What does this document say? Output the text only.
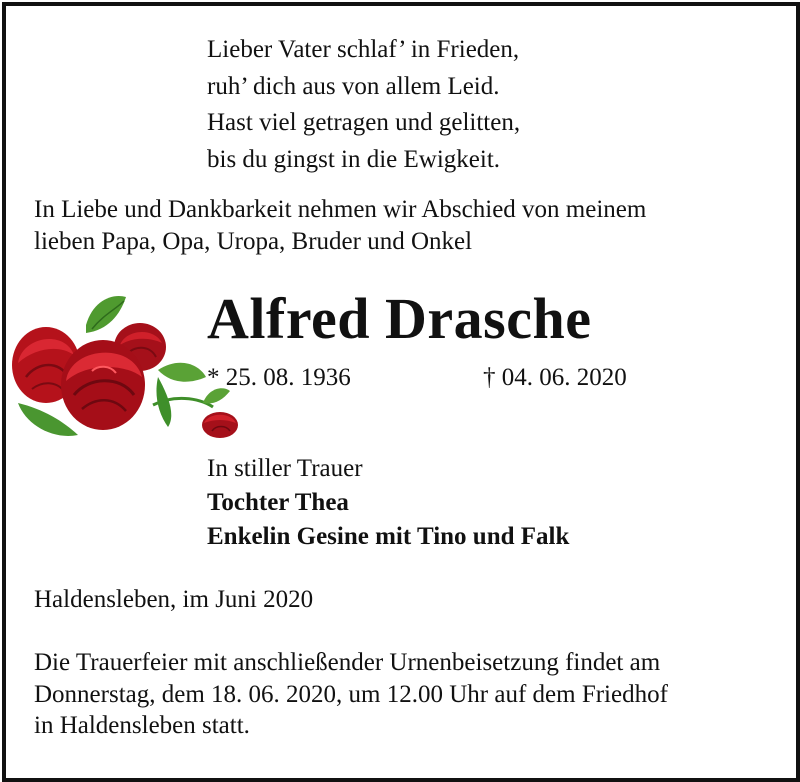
Lieber Vater schlaf’ in Frieden,
ruh’ dich aus von allem Leid.
Hast viel getragen und gelitten,
bis du gingst in die Ewigkeit.
In Liebe und Dankbarkeit nehmen wir Abschied von meinem
lieben Papa, Opa, Uropa, Bruder und Onkel
Alfred Drasche
* 25. 08. 1936	† 04. 06. 2020
In stiller Trauer
Tochter Thea
Enkelin Gesine mit Tino und Falk
Haldensleben, im Juni 2020
Die Trauerfeier mit anschließender Urnenbeisetzung findet am
Donnerstag, dem 18. 06. 2020, um 12.00 Uhr auf dem Friedhof
in Haldensleben statt.
